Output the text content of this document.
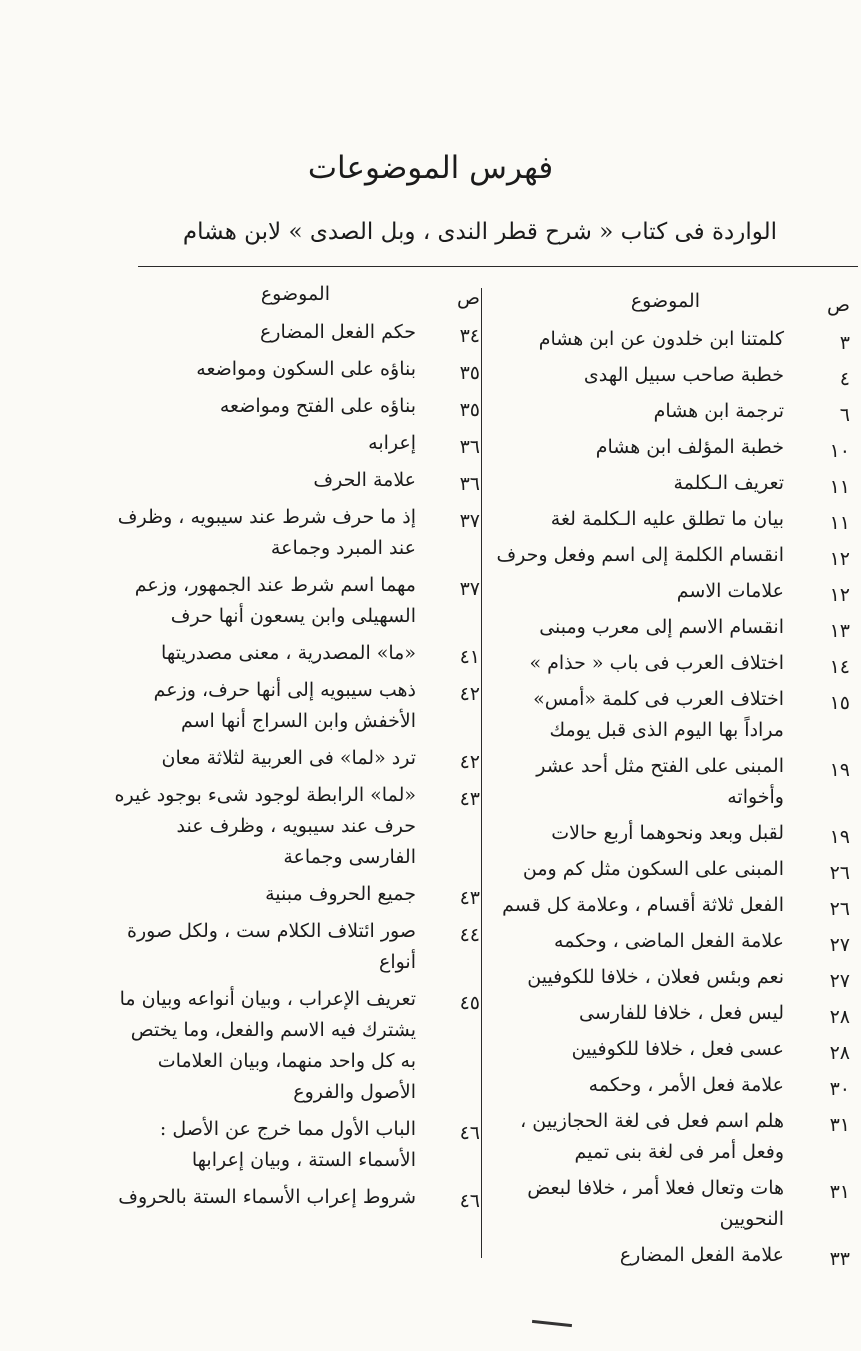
فهرس الموضوعات
الواردة فى كتاب « شرح قطر الندى ، وبل الصدى » لابن هشام
ص
الموضوع
٣
كلمتنا ابن خلدون عن ابن هشام
٤
خطبة صاحب سبيل الهدى
٦
ترجمة ابن هشام
١٠
خطبة المؤلف ابن هشام
١١
تعريف الـكلمة
١١
بيان ما تطلق عليه الـكلمة لغة
١٢
انقسام الكلمة إلى اسم وفعل وحرف
١٢
علامات الاسم
١٣
انقسام الاسم إلى معرب ومبنى
١٤
اختلاف العرب فى باب « حذام »
١٥
اختلاف العرب فى كلمة «أمس» مراداً بها اليوم الذى قبل يومك
١٩
المبنى على الفتح مثل أحد عشر وأخواته
١٩
لقبل وبعد ونحوهما أربع حالات
٢٦
المبنى على السكون مثل كم ومن
٢٦
الفعل ثلاثة أقسام ، وعلامة كل قسم
٢٧
علامة الفعل الماضى ، وحكمه
٢٧
نعم وبئس فعلان ، خلافا للكوفيين
٢٨
ليس فعل ، خلافا للفارسى
٢٨
عسى فعل ، خلافا للكوفيين
٣٠
علامة فعل الأمر ، وحكمه
٣١
هلم اسم فعل فى لغة الحجازيين ، وفعل أمر فى لغة بنى تميم
٣١
هات وتعال فعلا أمر ، خلافا لبعض النحويين
٣٣
علامة الفعل المضارع
ص
الموضوع
٣٤
حكم الفعل المضارع
٣٥
بناؤه على السكون ومواضعه
٣٥
بناؤه على الفتح ومواضعه
٣٦
إعرابه
٣٦
علامة الحرف
٣٧
إذ ما حرف شرط عند سيبويه ، وظرف عند المبرد وجماعة
٣٧
مهما اسم شرط عند الجمهور، وزعم السهيلى وابن يسعون أنها حرف
٤١
«ما» المصدرية ، معنى مصدريتها
٤٢
ذهب سيبويه إلى أنها حرف، وزعم الأخفش وابن السراج أنها اسم
٤٢
ترد «لما» فى العربية لثلاثة معان
٤٣
«لما» الرابطة لوجود شىء بوجود غيره حرف عند سيبويه ، وظرف عند الفارسى وجماعة
٤٣
جميع الحروف مبنية
٤٤
صور ائتلاف الكلام ست ، ولكل صورة أنواع
٤٥
تعريف الإعراب ، وبيان أنواعه وبيان ما يشترك فيه الاسم والفعل، وما يختص به كل واحد منهما، وبيان العلامات الأصول والفروع
٤٦
الباب الأول مما خرج عن الأصل : الأسماء الستة ، وبيان إعرابها
٤٦
شروط إعراب الأسماء الستة بالحروف
